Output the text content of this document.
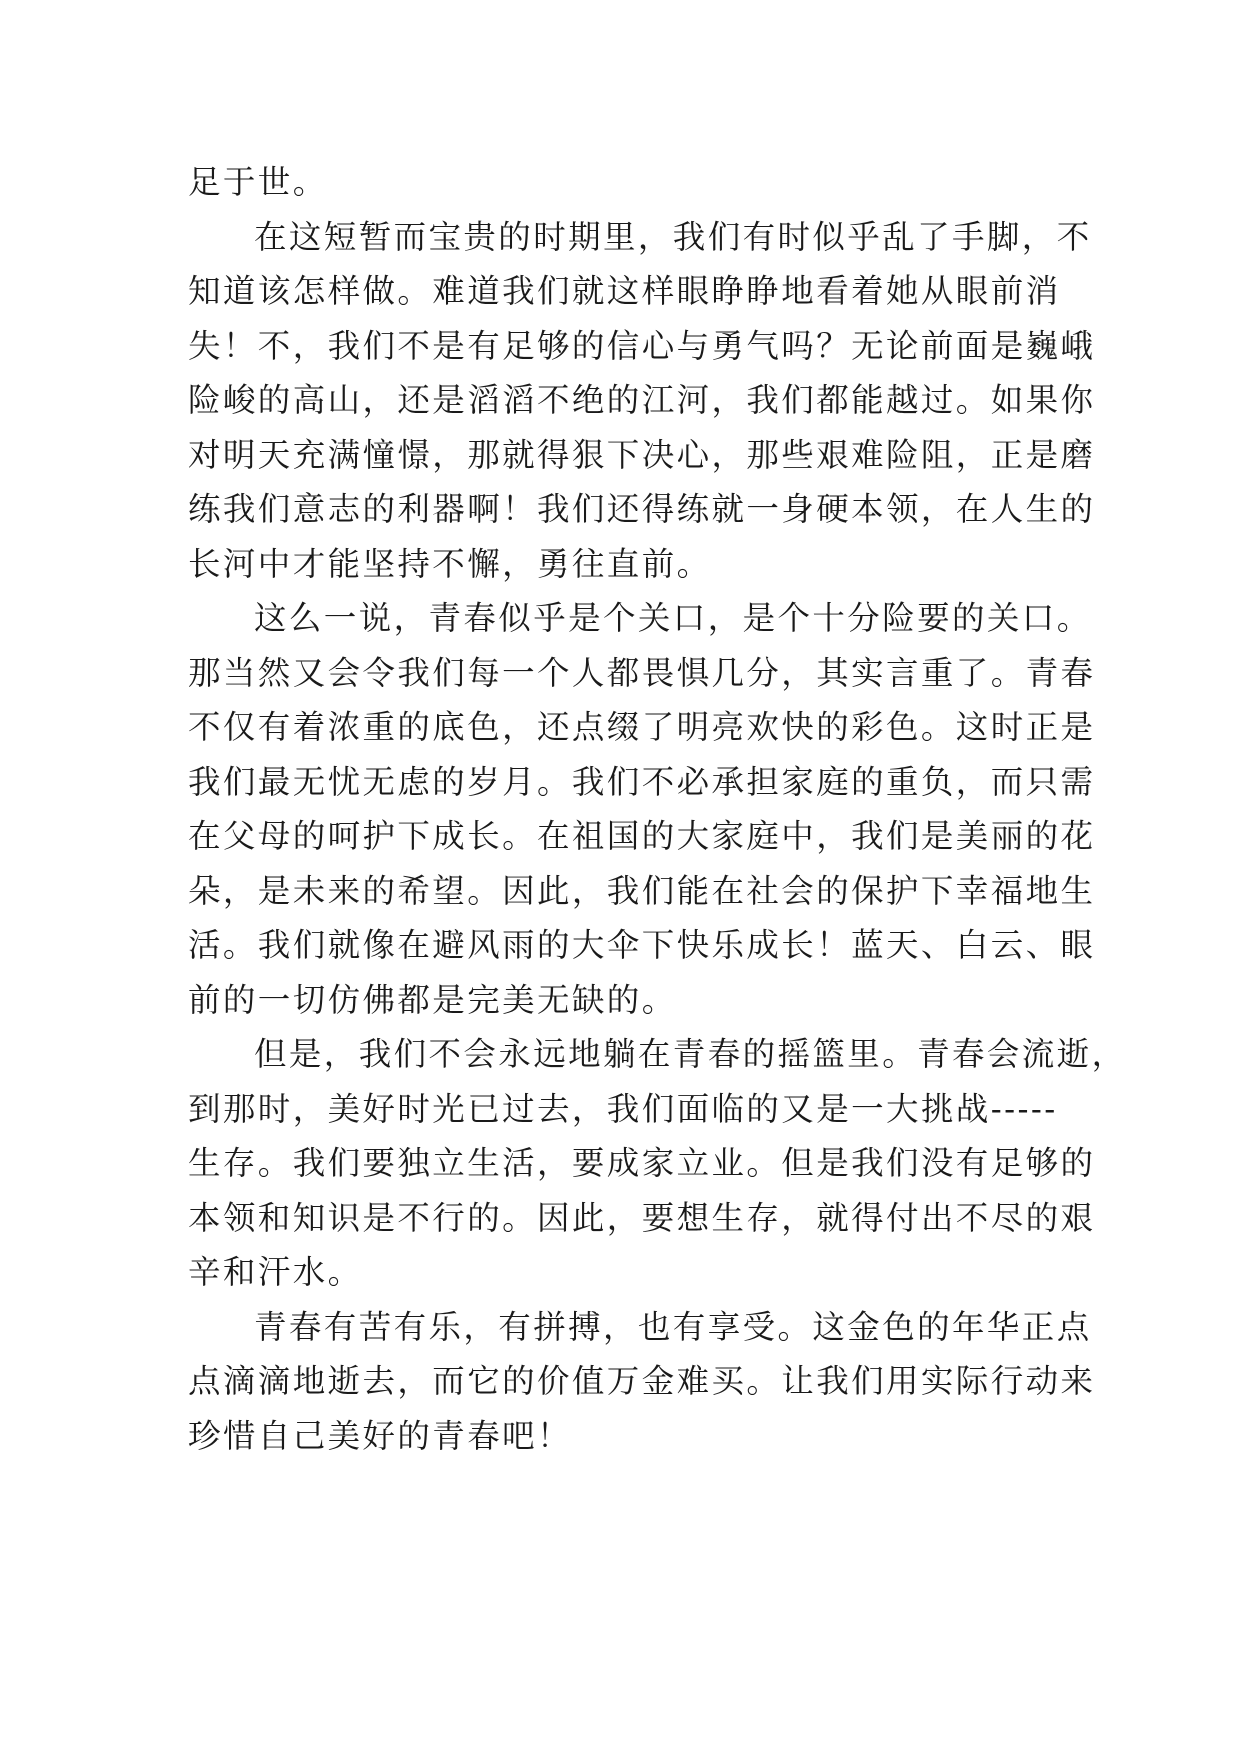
足于世。

在这短暂而宝贵的时期里，我们有时似乎乱了手脚，不
知道该怎样做。难道我们就这样眼睁睁地看着她从眼前消
失！不，我们不是有足够的信心与勇气吗？无论前面是巍峨
险峻的高山，还是滔滔不绝的江河，我们都能越过。如果你
对明天充满憧憬，那就得狠下决心，那些艰难险阻，正是磨
练我们意志的利器啊！我们还得练就一身硬本领，在人生的
长河中才能坚持不懈，勇往直前。

这么一说，青春似乎是个关口，是个十分险要的关口。
那当然又会令我们每一个人都畏惧几分，其实言重了。青春
不仅有着浓重的底色，还点缀了明亮欢快的彩色。这时正是
我们最无忧无虑的岁月。我们不必承担家庭的重负，而只需
在父母的呵护下成长。在祖国的大家庭中，我们是美丽的花
朵，是未来的希望。因此，我们能在社会的保护下幸福地生
活。我们就像在避风雨的大伞下快乐成长！蓝天、白云、眼
前的一切仿佛都是完美无缺的。

但是，我们不会永远地躺在青春的摇篮里。青春会流逝，
到那时，美好时光已过去，我们面临的又是一大挑战-----
生存。我们要独立生活，要成家立业。但是我们没有足够的
本领和知识是不行的。因此，要想生存，就得付出不尽的艰
辛和汗水。

青春有苦有乐，有拼搏，也有享受。这金色的年华正点
点滴滴地逝去，而它的价值万金难买。让我们用实际行动来
珍惜自己美好的青春吧！
